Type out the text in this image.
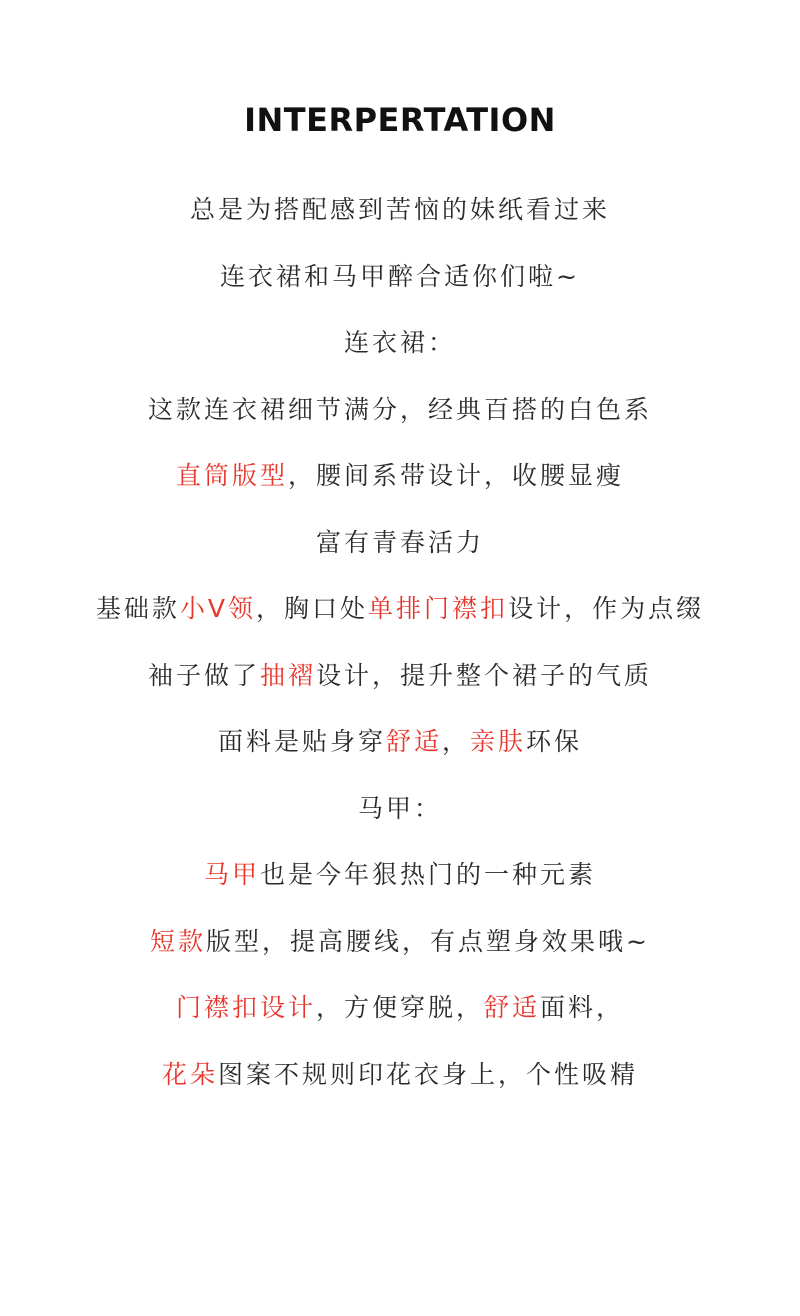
INTERPERTATION
总是为搭配感到苦恼的妹纸看过来
连衣裙和马甲醉合适你们啦~
连衣裙：
这款连衣裙细节满分，经典百搭的白色系
直筒版型，腰间系带设计，收腰显瘦
富有青春活力
基础款小V领，胸口处单排门襟扣设计，作为点缀
袖子做了抽褶设计，提升整个裙子的气质
面料是贴身穿舒适，亲肤环保
马甲：
马甲也是今年狠热门的一种元素
短款版型，提高腰线，有点塑身效果哦~
门襟扣设计，方便穿脱，舒适面料，
花朵图案不规则印花衣身上，个性吸精
